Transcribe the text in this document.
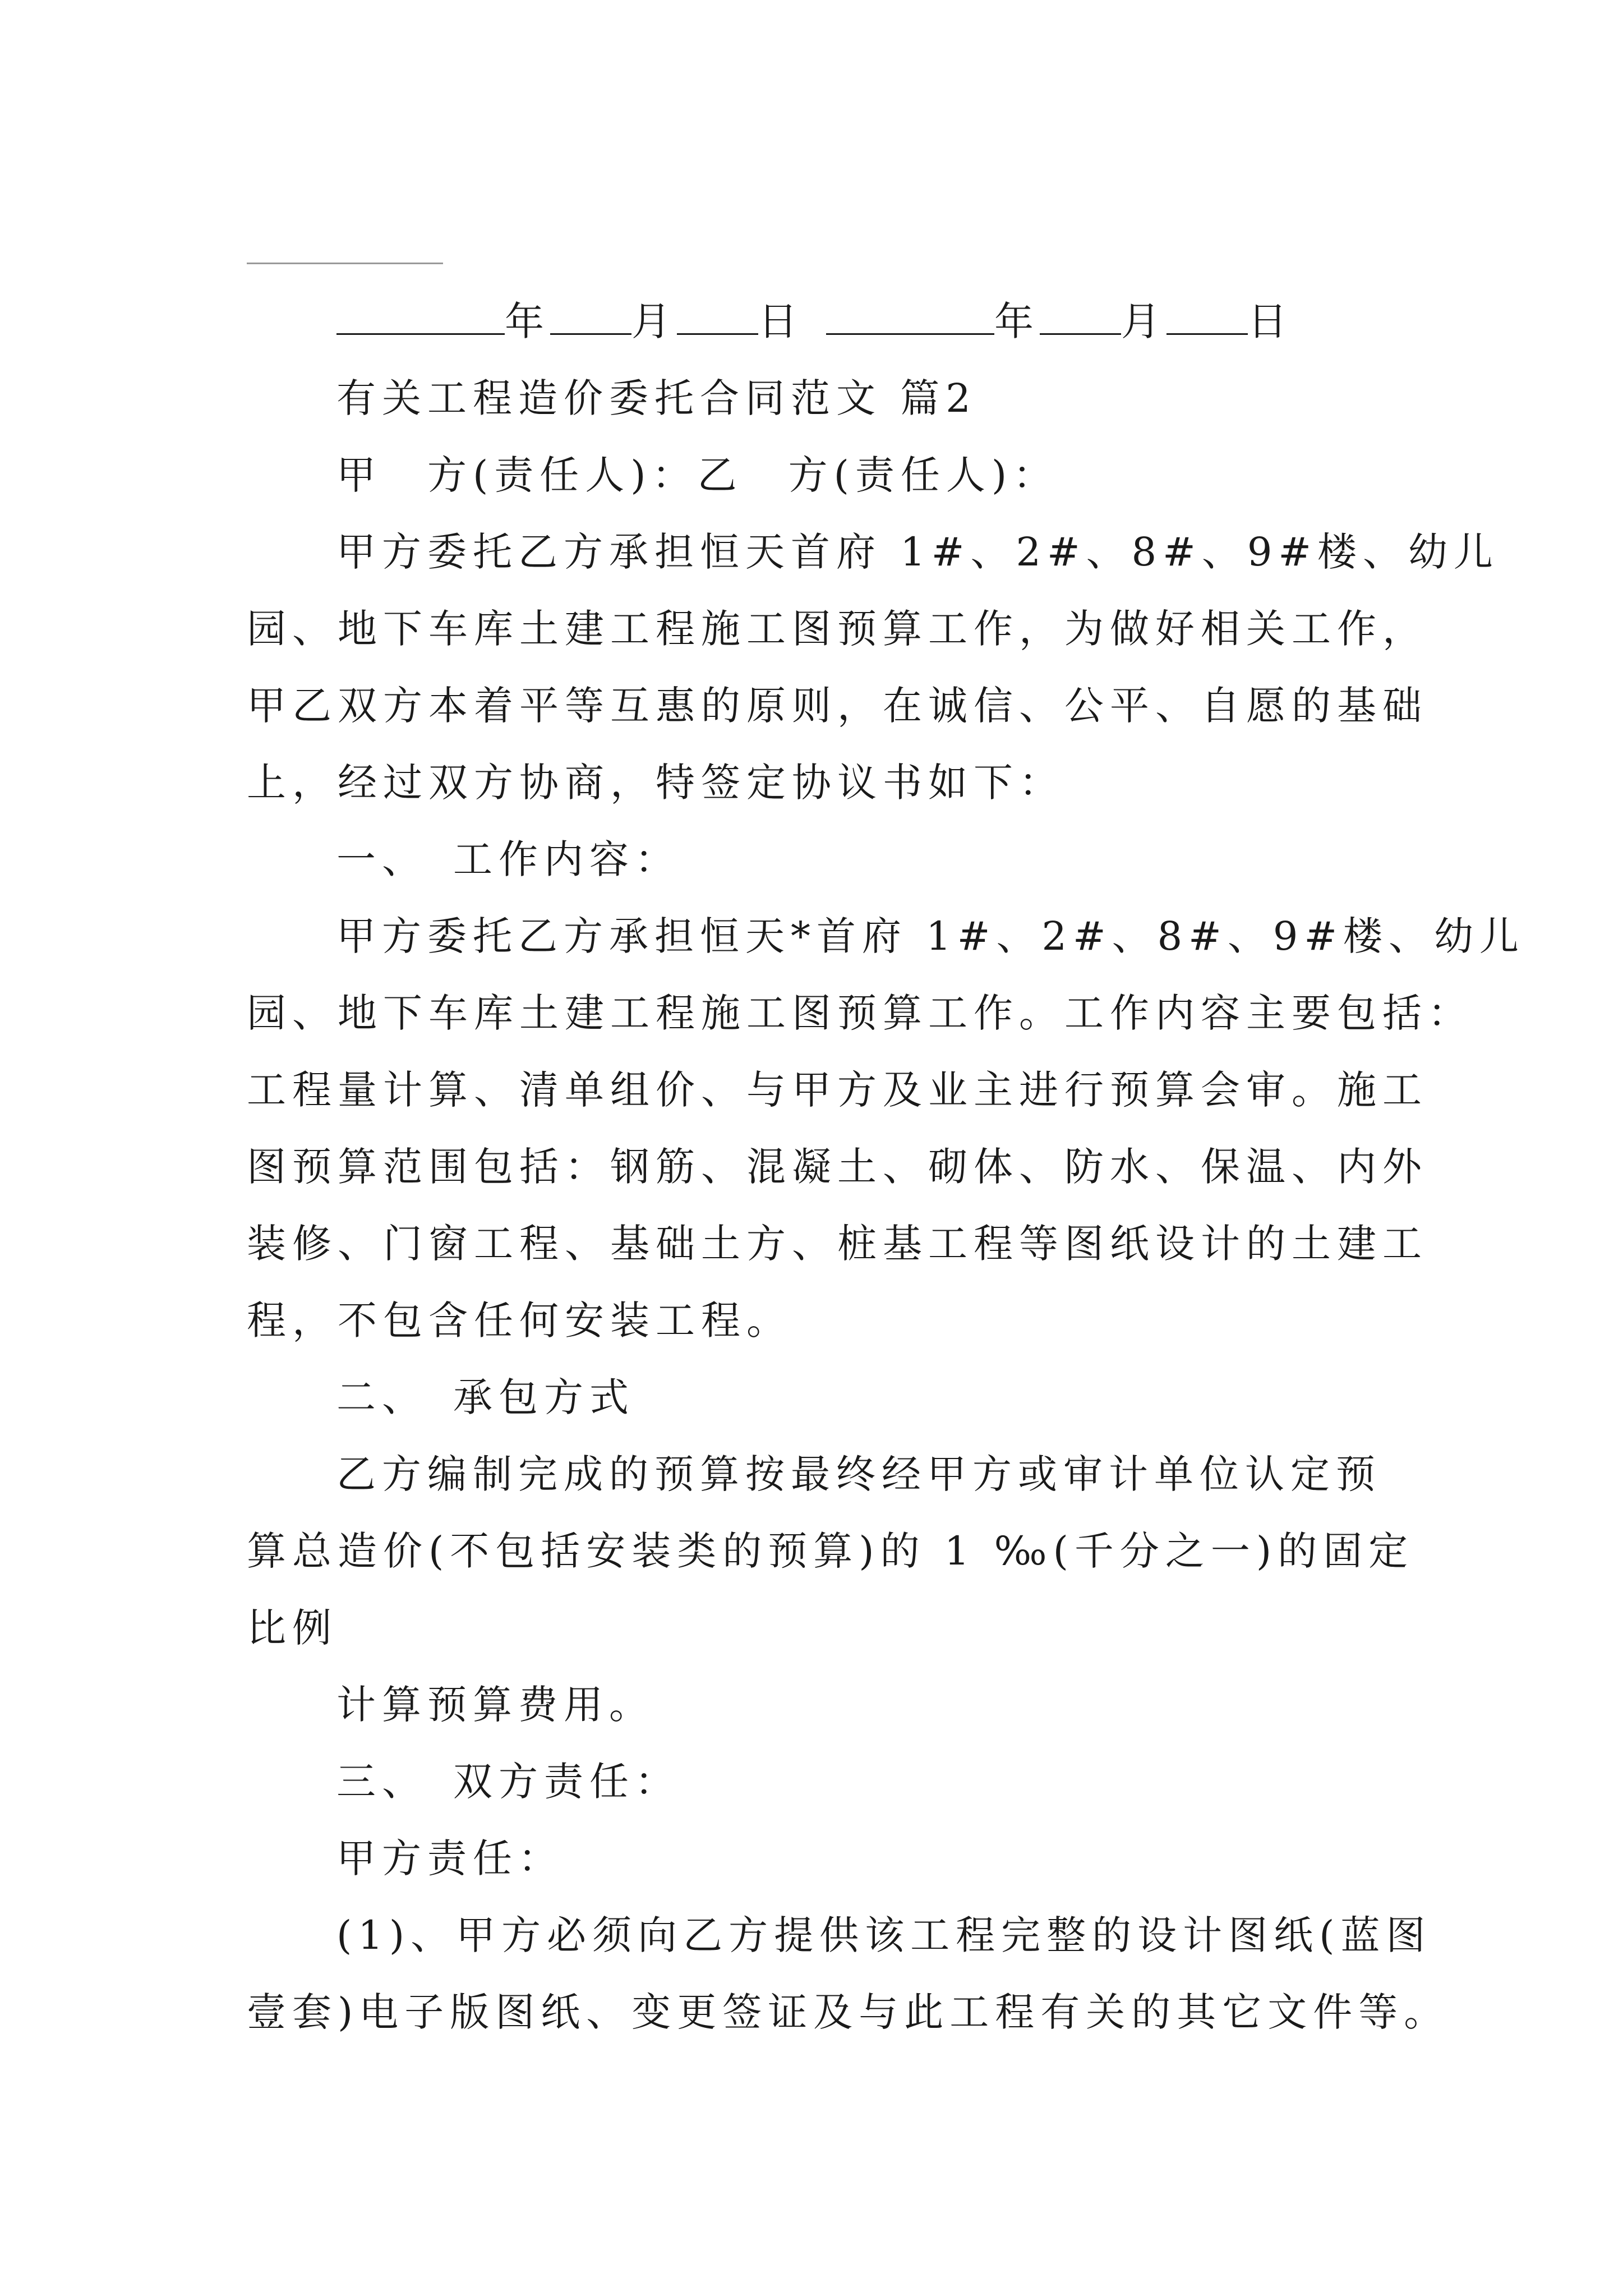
年 月 日	年 月 日
有关工程造价委托合同范文 篇2
甲　方(责任人)：乙　方(责任人)：
甲方委托乙方承担恒天首府 1#、2#、8#、9#楼、幼儿
园、地下车库土建工程施工图预算工作，为做好相关工作，
甲乙双方本着平等互惠的原则，在诚信、公平、自愿的基础
上，经过双方协商，特签定协议书如下：
一、　工作内容：
甲方委托乙方承担恒天*首府 1#、2#、8#、9#楼、幼儿
园、地下车库土建工程施工图预算工作。工作内容主要包括：
工程量计算、清单组价、与甲方及业主进行预算会审。施工
图预算范围包括：钢筋、混凝土、砌体、防水、保温、内外
装修、门窗工程、基础土方、桩基工程等图纸设计的土建工
程，不包含任何安装工程。
二、　承包方式
乙方编制完成的预算按最终经甲方或审计单位认定预
算总造价(不包括安装类的预算)的 1 ‰(千分之一)的固定
比例
计算预算费用。
三、　双方责任：
甲方责任：
(1)、甲方必须向乙方提供该工程完整的设计图纸(蓝图
壹套)电子版图纸、变更签证及与此工程有关的其它文件等。
